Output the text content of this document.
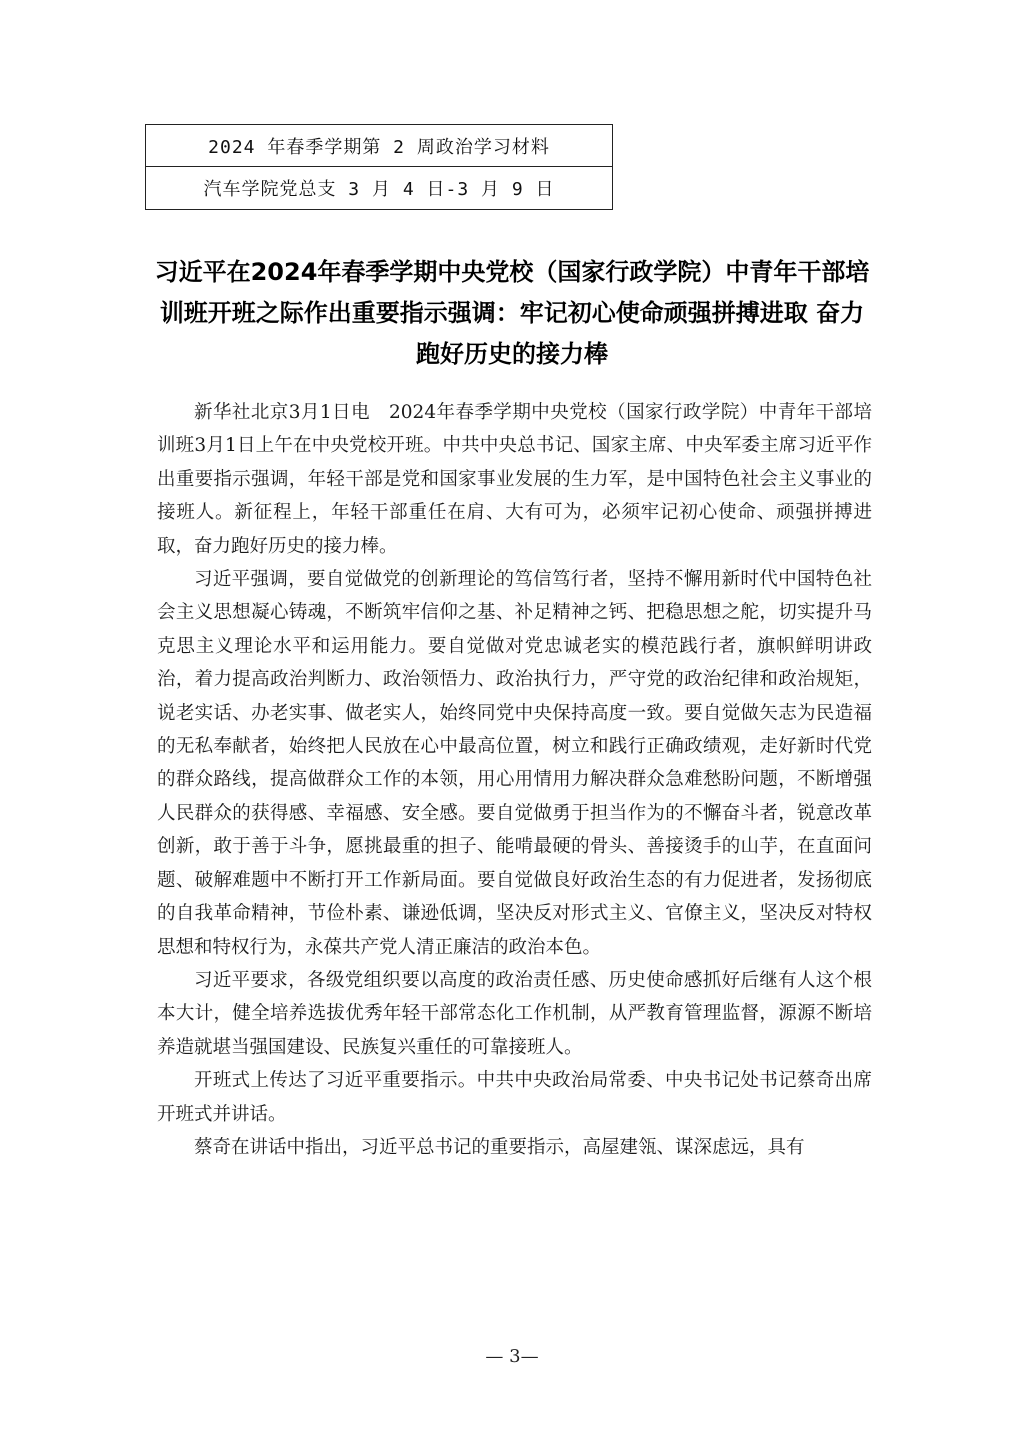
2024 年春季学期第 2 周政治学习材料
汽车学院党总支 3 月 4 日-3 月 9 日
习近平在2024年春季学期中央党校（国家行政学院）中青年干部培训班开班之际作出重要指示强调：牢记初心使命顽强拼搏进取 奋力跑好历史的接力棒

新华社北京3月1日电　2024年春季学期中央党校（国家行政学院）中青年干部培训班3月1日上午在中央党校开班。中共中央总书记、国家主席、中央军委主席习近平作出重要指示强调，年轻干部是党和国家事业发展的生力军，是中国特色社会主义事业的接班人。新征程上，年轻干部重任在肩、大有可为，必须牢记初心使命、顽强拼搏进取，奋力跑好历史的接力棒。

习近平强调，要自觉做党的创新理论的笃信笃行者，坚持不懈用新时代中国特色社会主义思想凝心铸魂，不断筑牢信仰之基、补足精神之钙、把稳思想之舵，切实提升马克思主义理论水平和运用能力。要自觉做对党忠诚老实的模范践行者，旗帜鲜明讲政治，着力提高政治判断力、政治领悟力、政治执行力，严守党的政治纪律和政治规矩，说老实话、办老实事、做老实人，始终同党中央保持高度一致。要自觉做矢志为民造福的无私奉献者，始终把人民放在心中最高位置，树立和践行正确政绩观，走好新时代党的群众路线，提高做群众工作的本领，用心用情用力解决群众急难愁盼问题，不断增强人民群众的获得感、幸福感、安全感。要自觉做勇于担当作为的不懈奋斗者，锐意改革创新，敢于善于斗争，愿挑最重的担子、能啃最硬的骨头、善接烫手的山芋，在直面问题、破解难题中不断打开工作新局面。要自觉做良好政治生态的有力促进者，发扬彻底的自我革命精神，节俭朴素、谦逊低调，坚决反对形式主义、官僚主义，坚决反对特权思想和特权行为，永葆共产党人清正廉洁的政治本色。

习近平要求，各级党组织要以高度的政治责任感、历史使命感抓好后继有人这个根本大计，健全培养选拔优秀年轻干部常态化工作机制，从严教育管理监督，源源不断培养造就堪当强国建设、民族复兴重任的可靠接班人。

开班式上传达了习近平重要指示。中共中央政治局常委、中央书记处书记蔡奇出席开班式并讲话。

蔡奇在讲话中指出，习近平总书记的重要指示，高屋建瓴、谋深虑远，具有

— 3—
